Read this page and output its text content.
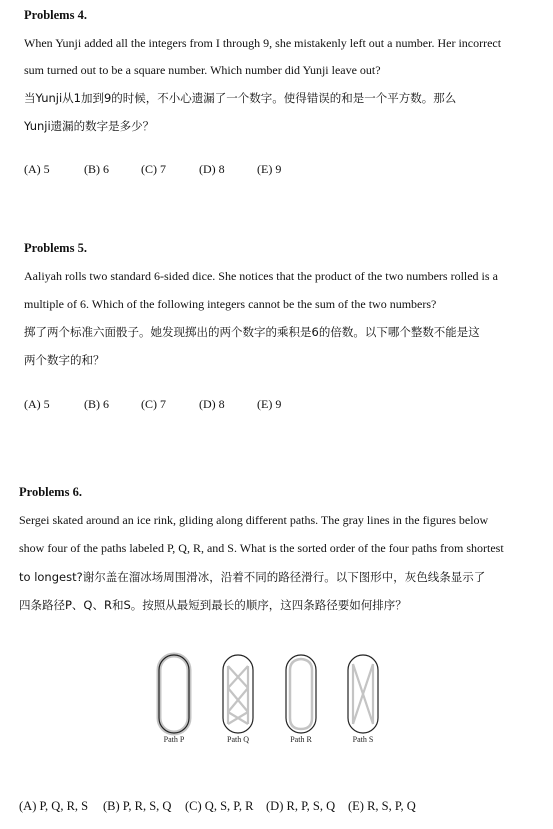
Problems 4.
When Yunji added all the integers from I through 9, she mistakenly left out a number. Her incorrect
sum turned out to be a square number. Which number did Yunji leave out?
当Yunji从1加到9的时候，不小心遗漏了一个数字。使得错误的和是一个平方数。那么
Yunji遗漏的数字是多少？
(A) 5	(B) 6	(C) 7	(D) 8	(E) 9
Problems 5.
Aaliyah rolls two standard 6-sided dice. She notices that the product of the two numbers rolled is a
multiple of 6. Which of the following integers cannot be the sum of the two numbers?
掷了两个标准六面骰子。她发现掷出的两个数字的乘积是6的倍数。以下哪个整数不能是这
两个数字的和？
(A) 5	(B) 6	(C) 7	(D) 8	(E) 9
Problems 6.
Sergei skated around an ice rink, gliding along different paths. The gray lines in the figures below
show four of the paths labeled P, Q, R, and S. What is the sorted order of the four paths from shortest
to longest?谢尔盖在溜冰场周围滑冰，沿着不同的路径滑行。以下图形中，灰色线条显示了
四条路径P、Q、R和S。按照从最短到最长的顺序，这四条路径要如何排序？
Path P	Path Q	Path R	Path S
(A) P, Q, R, S (B) P, R, S, Q (C) Q, S, P, R (D) R, P, S, Q (E) R, S, P, Q
